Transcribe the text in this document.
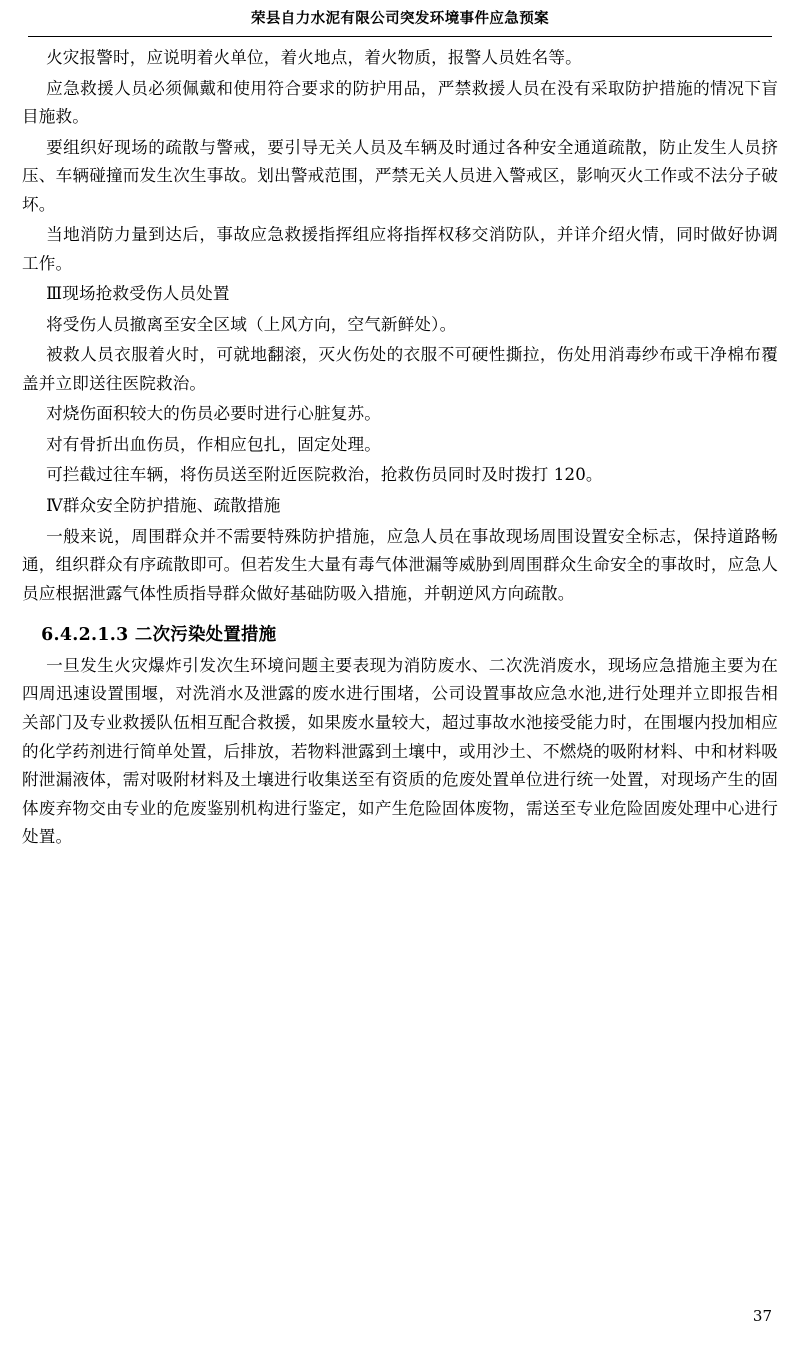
荣县自力水泥有限公司突发环境事件应急预案

火灾报警时，应说明着火单位，着火地点，着火物质，报警人员姓名等。

应急救援人员必须佩戴和使用符合要求的防护用品，严禁救援人员在没有采取防护措施的情况下盲目施救。

要组织好现场的疏散与警戒，要引导无关人员及车辆及时通过各种安全通道疏散，防止发生人员挤压、车辆碰撞而发生次生事故。划出警戒范围，严禁无关人员进入警戒区，影响灭火工作或不法分子破坏。

当地消防力量到达后，事故应急救援指挥组应将指挥权移交消防队，并详介绍火情，同时做好协调工作。

Ⅲ现场抢救受伤人员处置

将受伤人员撤离至安全区域（上风方向，空气新鲜处）。

被救人员衣服着火时，可就地翻滚，灭火伤处的衣服不可硬性撕拉，伤处用消毒纱布或干净棉布覆盖并立即送往医院救治。

对烧伤面积较大的伤员必要时进行心脏复苏。

对有骨折出血伤员，作相应包扎，固定处理。

可拦截过往车辆，将伤员送至附近医院救治，抢救伤员同时及时拨打 120。

Ⅳ群众安全防护措施、疏散措施

一般来说，周围群众并不需要特殊防护措施，应急人员在事故现场周围设置安全标志，保持道路畅通，组织群众有序疏散即可。但若发生大量有毒气体泄漏等威胁到周围群众生命安全的事故时，应急人员应根据泄露气体性质指导群众做好基础防吸入措施，并朝逆风方向疏散。

6.4.2.1.3 二次污染处置措施

一旦发生火灾爆炸引发次生环境问题主要表现为消防废水、二次洗消废水，现场应急措施主要为在四周迅速设置围堰，对洗消水及泄露的废水进行围堵，公司设置事故应急水池,进行处理并立即报告相关部门及专业救援队伍相互配合救援，如果废水量较大，超过事故水池接受能力时，在围堰内投加相应的化学药剂进行简单处置，后排放，若物料泄露到土壤中，或用沙土、不燃烧的吸附材料、中和材料吸附泄漏液体，需对吸附材料及土壤进行收集送至有资质的危废处置单位进行统一处置，对现场产生的固体废弃物交由专业的危废鉴别机构进行鉴定，如产生危险固体废物，需送至专业危险固废处理中心进行处置。

37
